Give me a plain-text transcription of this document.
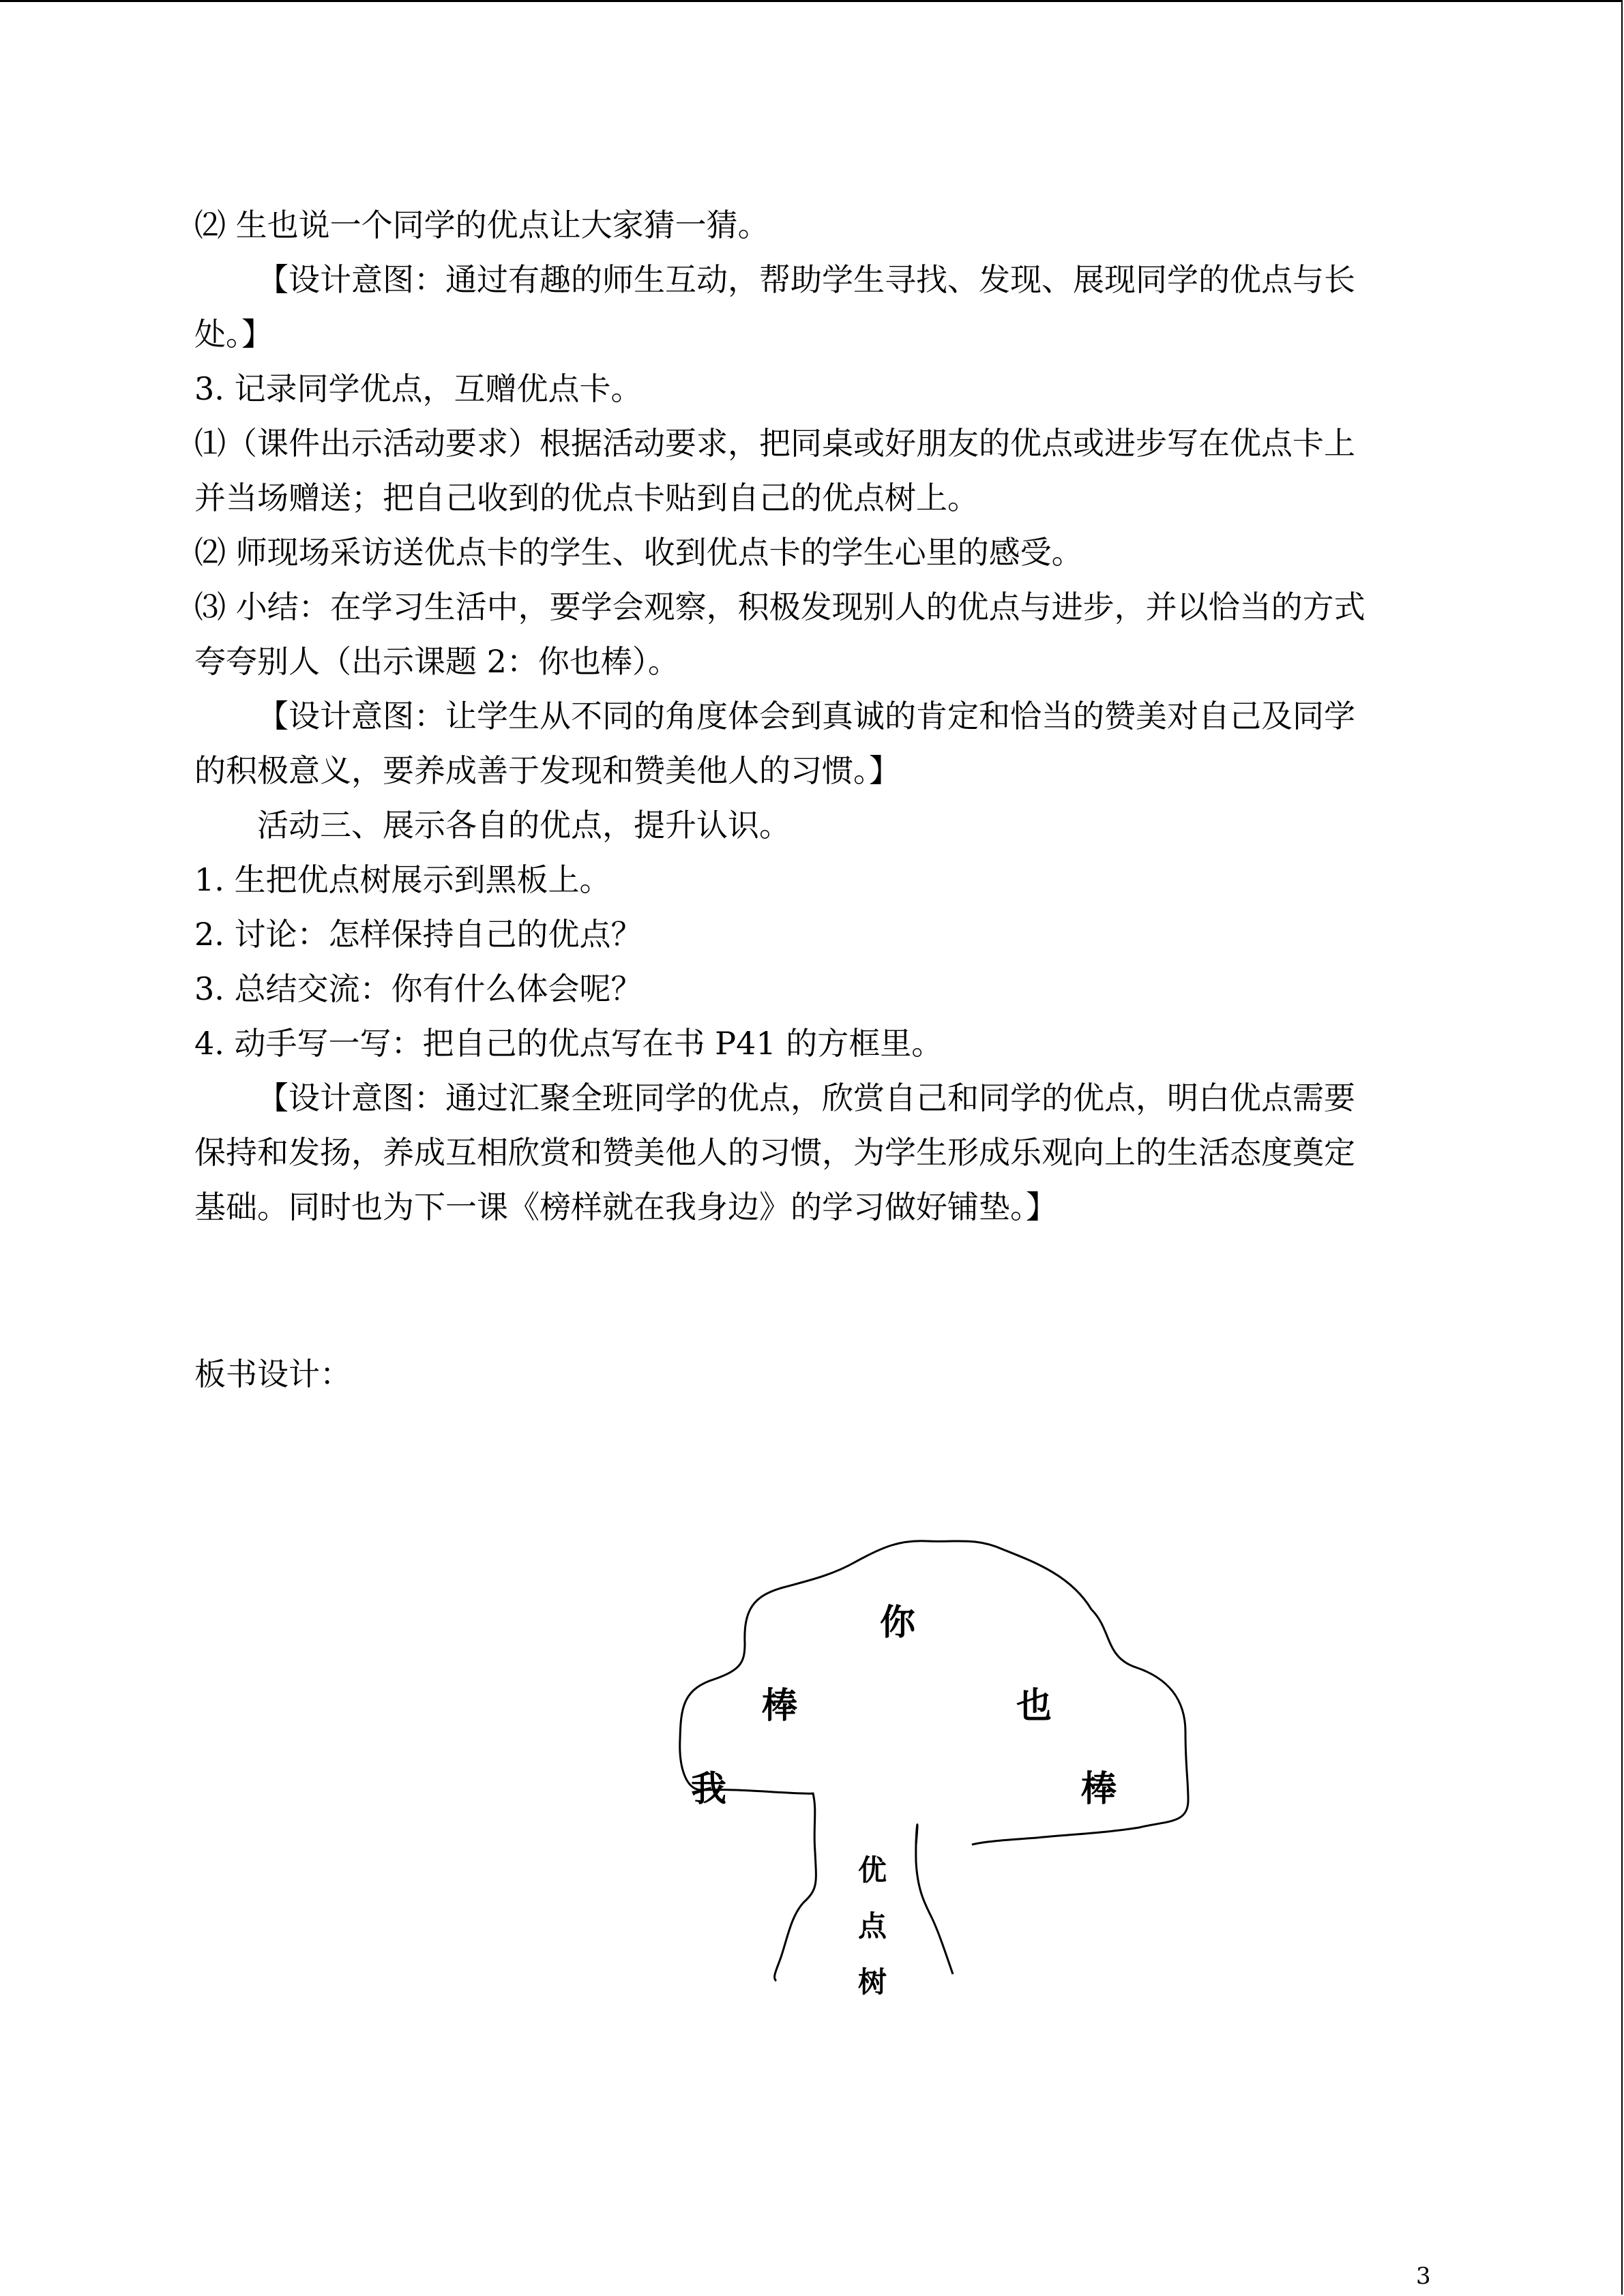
⑵ 生也说一个同学的优点让大家猜一猜。
【设计意图：通过有趣的师生互动，帮助学生寻找、发现、展现同学的优点与长
处。】
3. 记录同学优点，互赠优点卡。
⑴（课件出示活动要求）根据活动要求，把同桌或好朋友的优点或进步写在优点卡上
并当场赠送；把自己收到的优点卡贴到自己的优点树上。
⑵ 师现场采访送优点卡的学生、收到优点卡的学生心里的感受。
⑶ 小结：在学习生活中，要学会观察，积极发现别人的优点与进步，并以恰当的方式
夸夸别人（出示课题 2：你也棒）。
【设计意图：让学生从不同的角度体会到真诚的肯定和恰当的赞美对自己及同学
的积极意义，要养成善于发现和赞美他人的习惯。】
活动三、展示各自的优点，提升认识。
1. 生把优点树展示到黑板上。
2. 讨论：怎样保持自己的优点？
3. 总结交流：你有什么体会呢？
4. 动手写一写：把自己的优点写在书 P41 的方框里。
【设计意图：通过汇聚全班同学的优点，欣赏自己和同学的优点，明白优点需要
保持和发扬，养成互相欣赏和赞美他人的习惯，为学生形成乐观向上的生活态度奠定
基础。同时也为下一课《榜样就在我身边》的学习做好铺垫。】
板书设计：
你
棒	也
我	棒
优
点
树
3
